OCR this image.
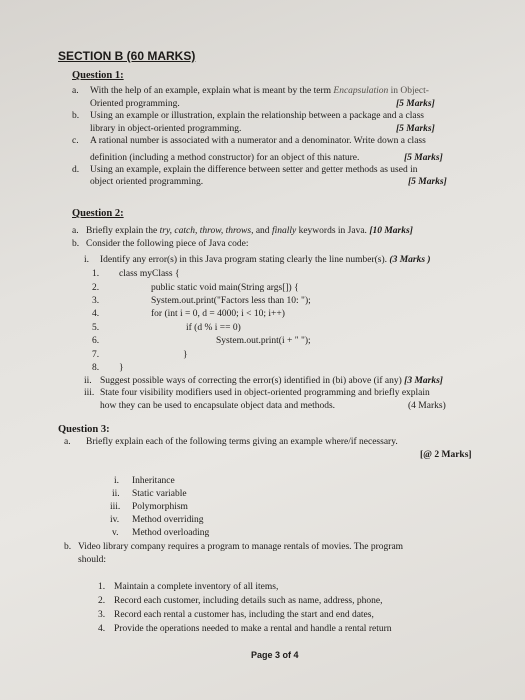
SECTION B (60 MARKS)
Question 1:
a. With the help of an example, explain what is meant by the term Encapsulation in Object-
Oriented programming.	[5 Marks]
b. Using an example or illustration, explain the relationship between a package and a class
library in object-oriented programming.	[5 Marks]
c. A rational number is associated with a numerator and a denominator. Write down a class
definition (including a method constructor) for an object of this nature.	[5 Marks]
d. Using an example, explain the difference between setter and getter methods as used in
object oriented programming.	[5 Marks]
Question 2:
a. Briefly explain the try, catch, throw, throws, and finally keywords in Java. [10 Marks]
b. Consider the following piece of Java code:
i. Identify any error(s) in this Java program stating clearly the line number(s). (3 Marks )
1. class myClass {
2.	public static void main(String args[]) {
3.	System.out.print("Factors less than 10: ");
4.	for (int i = 0, d = 4000; i < 10; i++)
5.	if (d % i == 0)
6.	System.out.print(i + " ");
7.	}
8. }
ii. Suggest possible ways of correcting the error(s) identified in (bi) above (if any) [3 Marks]
iii. State four visibility modifiers used in object-oriented programming and briefly explain
how they can be used to encapsulate object data and methods.	(4 Marks)
Question 3:
a. Briefly explain each of the following terms giving an example where/if necessary.
[@ 2 Marks]
i. Inheritance
ii. Static variable
iii. Polymorphism
iv. Method overriding
v. Method overloading
b. Video library company requires a program to manage rentals of movies. The program
should:
1. Maintain a complete inventory of all items,
2. Record each customer, including details such as name, address, phone,
3. Record each rental a customer has, including the start and end dates,
4. Provide the operations needed to make a rental and handle a rental return
Page 3 of 4
